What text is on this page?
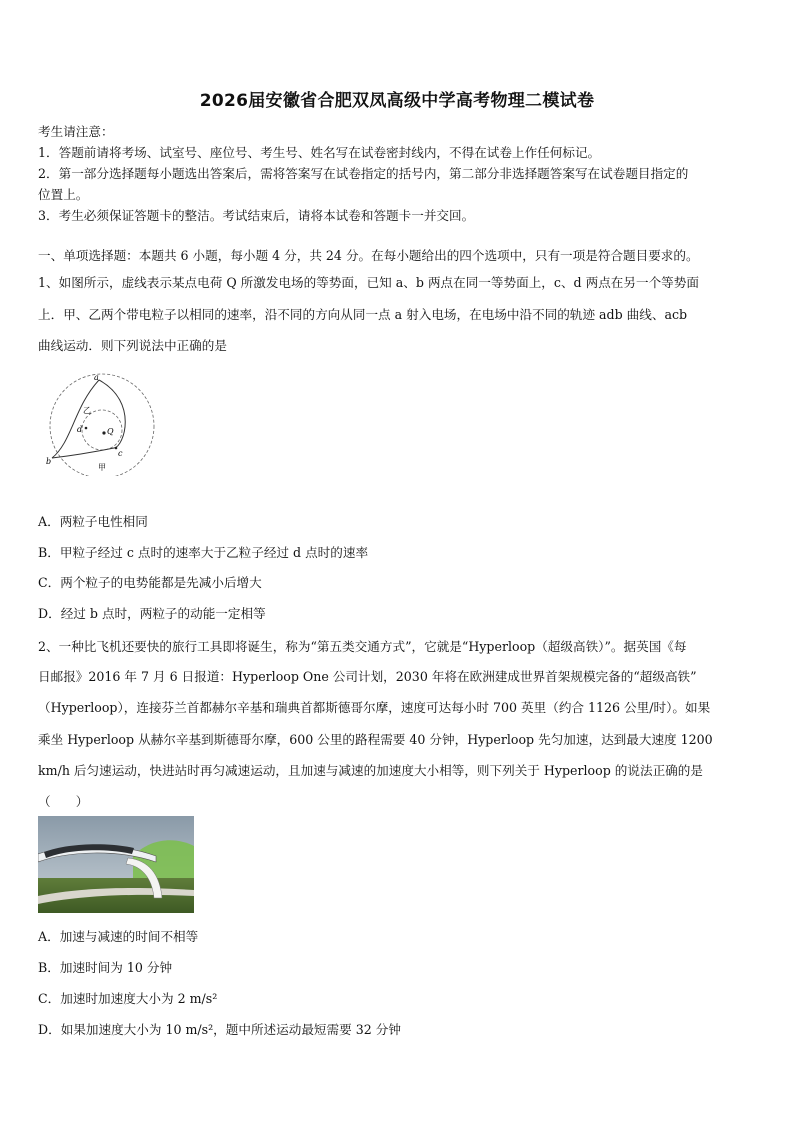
2026届安徽省合肥双凤高级中学高考物理二模试卷
考生请注意：
1．答题前请将考场、试室号、座位号、考生号、姓名写在试卷密封线内，不得在试卷上作任何标记。
2．第一部分选择题每小题选出答案后，需将答案写在试卷指定的括号内，第二部分非选择题答案写在试卷题目指定的
位置上。
3．考生必须保证答题卡的整洁。考试结束后，请将本试卷和答题卡一并交回。
一、单项选择题：本题共 6 小题，每小题 4 分，共 24 分。在每小题给出的四个选项中，只有一项是符合题目要求的。
1、如图所示，虚线表示某点电荷 Q 所激发电场的等势面，已知 a、b 两点在同一等势面上，c、d 两点在另一个等势面
上．甲、乙两个带电粒子以相同的速率，沿不同的方向从同一点 a 射入电场，在电场中沿不同的轨迹 adb 曲线、acb
曲线运动．则下列说法中正确的是
a
b
c
d	Q
乙
甲
A．两粒子电性相同
B．甲粒子经过 c 点时的速率大于乙粒子经过 d 点时的速率
C．两个粒子的电势能都是先减小后增大
D．经过 b 点时，两粒子的动能一定相等
2、一种比飞机还要快的旅行工具即将诞生，称为“第五类交通方式”，它就是“Hyperloop（超级高铁）”。据英国《每
日邮报》2016 年 7 月 6 日报道：Hyperloop One 公司计划，2030 年将在欧洲建成世界首架规模完备的“超级高铁”
（Hyperloop），连接芬兰首都赫尔辛基和瑞典首都斯德哥尔摩，速度可达每小时 700 英里（约合 1126 公里/时）。如果
乘坐 Hyperloop 从赫尔辛基到斯德哥尔摩，600 公里的路程需要 40 分钟，Hyperloop 先匀加速，达到最大速度 1200
km/h 后匀速运动，快进站时再匀减速运动，且加速与减速的加速度大小相等，则下列关于 Hyperloop 的说法正确的是
（　　）
A．加速与减速的时间不相等
B．加速时间为 10 分钟
C．加速时加速度大小为 2 m/s²
D．如果加速度大小为 10 m/s²，题中所述运动最短需要 32 分钟
